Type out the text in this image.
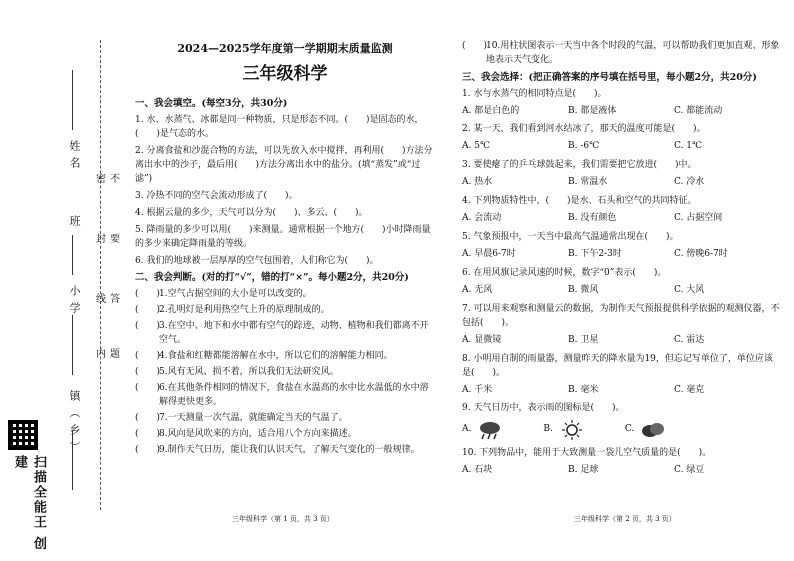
姓名
班
小学
镇（乡）
密
封
线
内
不
要
答
题
扫描全能王 创建
2024—2025学年度第一学期期末质量监测
三年级科学
一、我会填空。(每空3分，共30分)
1. 水、水蒸气、冰都是同一种物质，只是形态不同。(　　)是固态的水，(　　)是气态的水。
2. 分离食盐和沙混合物的方法，可以先放入水中搅拌，再利用(　　)方法分离出水中的沙子，最后用(　　)方法分离出水中的盐分。(填“蒸发”或“过滤”)
3. 冷热不同的空气会流动形成了(　　)。
4. 根据云量的多少，天气可以分为(　　)、多云、(　　)。
5. 降雨量的多少可以用(　　)来测量。通常根据一个地方(　　)小时降雨量的多少来确定降雨量的等级。
6. 我们的地球被一层厚厚的空气包围着，人们称它为(　　)。
二、我会判断。(对的打“√”，错的打“×”。每小题2分，共20分)
(　　)
1.空气占据空间的大小是可以改变的。
(　　)
2.孔明灯是利用热空气上升的原理制成的。
(　　)
3.在空中、地下和水中都有空气的踪迹，动物、植物和我们都离不开空气。
(　　)
4.食盐和红糖都能溶解在水中，所以它们的溶解能力相同。
(　　)
5.风有无风、损不着，所以我们无法研究风。
(　　)
6.在其他条件相同的情况下，食盐在水温高的水中比水温低的水中溶解得更快更多。
(　　)
7.一天测量一次气温，就能确定当天的气温了。
(　　)
8.风向是风吹来的方向，适合用八个方向来描述。
(　　)
9.制作天气日历，能让我们认识天气，了解天气变化的一般规律。
三年级科学（第 1 页，共 3 页）
(　　)
10.用柱状图表示一天当中各个时段的气温，可以帮助我们更加直观、形象地表示天气变化。
三、我会选择：(把正确答案的序号填在括号里，每小题2分，共20分)
1. 水与水蒸气的相同特点是(　　)。
A. 都是白色的	B. 都是液体	C. 都能流动
2. 某一天，我们看到河水结冰了，那天的温度可能是(　　)。
A. 5℃	B. -6℃	C. 1℃
3. 要使瘪了的乒乓球鼓起来，我们需要把它放进(　　)中。
A. 热水	B. 常温水	C. 冷水
4. 下列物质特性中，(　　)是水、石头和空气的共同特征。
A. 会流动	B. 没有颜色	C. 占据空间
5. 气象预报中，一天当中最高气温通常出现在(　　)。
A. 早晨6-7时	B. 下午2-3时	C. 傍晚6-7时
6. 在用风旗记录风速的时候，数字“0”表示(　　)。
A. 无风	B. 微风	C. 大风
7. 可以用来观察和测量云的数据，为制作天气预报提供科学依据的观测仪器，不包括(　　)。
A. 显微镜	B. 卫星	C. 雷达
8. 小明用自制的雨量器，测量昨天的降水量为19，但忘记写单位了，单位应该是(　　)。
A. 千米	B. 毫米	C. 毫克
9. 天气日历中，表示雨的图标是(　　)。
A.	B.	C.
10. 下列物品中，能用于大致测量一袋儿空气质量的是(　　)。
A. 石块	B. 足球	C. 绿豆
三年级科学（第 2 页，共 3 页）
